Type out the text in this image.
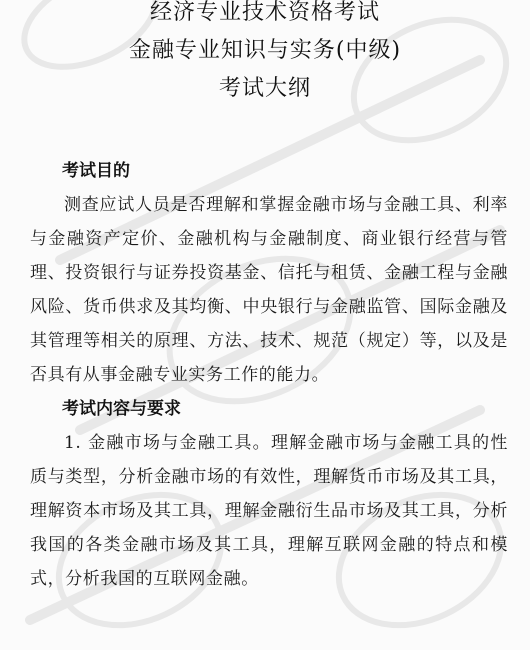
经济专业技术资格考试
金融专业知识与实务(中级)
考试大纲
考试目的

测查应试人员是否理解和掌握金融市场与金融工具、利率与金融资产定价、金融机构与金融制度、商业银行经营与管理、投资银行与证券投资基金、信托与租赁、金融工程与金融风险、货币供求及其均衡、中央银行与金融监管、国际金融及其管理等相关的原理、方法、技术、规范（规定）等，以及是否具有从事金融专业实务工作的能力。

考试内容与要求

1. 金融市场与金融工具。理解金融市场与金融工具的性质与类型，分析金融市场的有效性，理解货币市场及其工具，理解资本市场及其工具，理解金融衍生品市场及其工具，分析我国的各类金融市场及其工具，理解互联网金融的特点和模式，分析我国的互联网金融。
